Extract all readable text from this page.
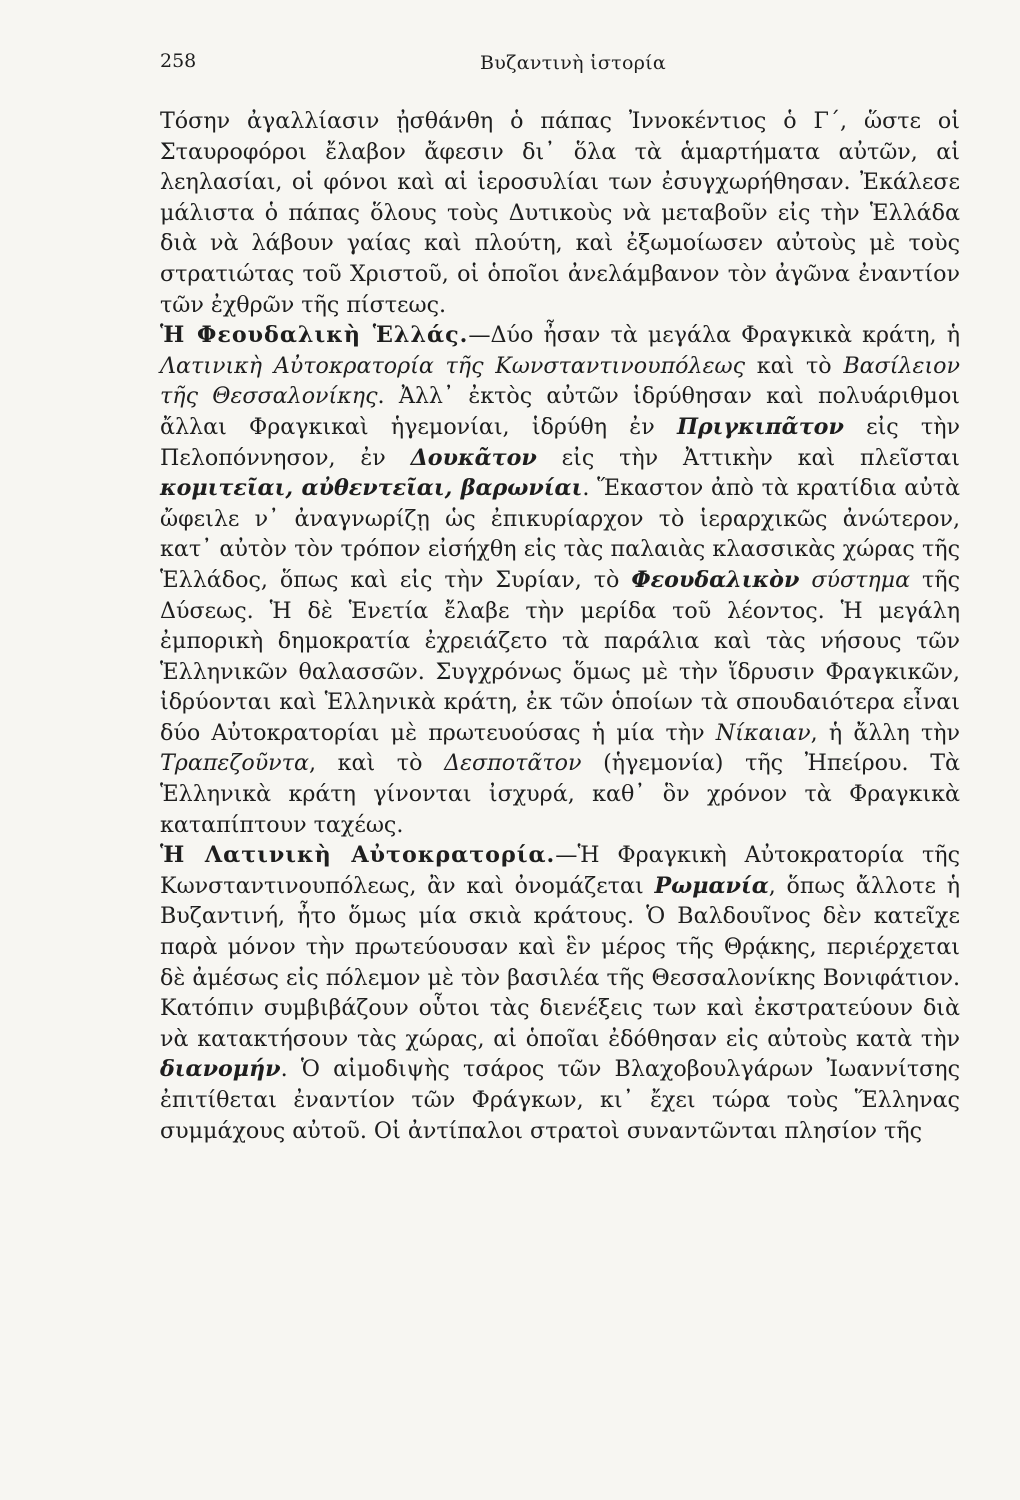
258	Βυζαντινὴ ἱστορία

Τόσην ἀγαλλίασιν ᾐσθάνθη ὁ πάπας Ἰννοκέντιος ὁ Γ΄, ὥστε οἱ Σταυροφόροι ἔλαβον ἄφεσιν δι᾽ ὅλα τὰ ἁμαρτήματα αὐτῶν, αἱ λεηλασίαι, οἱ φόνοι καὶ αἱ ἱεροσυλίαι των ἐσυγχωρήθησαν. Ἐκάλεσε μάλιστα ὁ πάπας ὅλους τοὺς Δυτικοὺς νὰ μεταβοῦν εἰς τὴν Ἑλλάδα διὰ νὰ λάβουν γαίας καὶ πλούτη, καὶ ἐξωμοίωσεν αὐτοὺς μὲ τοὺς στρατιώτας τοῦ Χριστοῦ, οἱ ὁποῖοι ἀνελάμβανον τὸν ἀγῶνα ἐναντίον τῶν ἐχθρῶν τῆς πίστεως.

Ἡ Φεουδαλικὴ Ἑλλάς.—Δύο ἦσαν τὰ μεγάλα Φραγκικὰ κράτη, ἡ Λατινικὴ Αὐτοκρατορία τῆς Κωνσταντινουπόλεως καὶ τὸ Βασίλειον τῆς Θεσσαλονίκης. Ἀλλ᾽ ἐκτὸς αὐτῶν ἱδρύθησαν καὶ πολυάριθμοι ἄλλαι Φραγκικαὶ ἡγεμονίαι, ἱδρύθη ἐν Πριγκιπᾶτον εἰς τὴν Πελοπόννησον, ἐν Δουκᾶτον εἰς τὴν Ἀττικὴν καὶ πλεῖσται κομιτεῖαι, αὐθεντεῖαι, βαρωνίαι. Ἕκαστον ἀπὸ τὰ κρατίδια αὐτὰ ὤφειλε ν᾽ ἀναγνωρίζῃ ὡς ἐπικυρίαρχον τὸ ἱεραρχικῶς ἀνώτερον, κατ᾽ αὐτὸν τὸν τρόπον εἰσήχθη εἰς τὰς παλαιὰς κλασσικὰς χώρας τῆς Ἑλλάδος, ὅπως καὶ εἰς τὴν Συρίαν, τὸ Φεουδαλικὸν σύστημα τῆς Δύσεως. Ἡ δὲ Ἑνετία ἔλαβε τὴν μερίδα τοῦ λέοντος. Ἡ μεγάλη ἐμπορικὴ δημοκρατία ἐχρειάζετο τὰ παράλια καὶ τὰς νήσους τῶν Ἑλληνικῶν θαλασσῶν. Συγχρόνως ὅμως μὲ τὴν ἵδρυσιν Φραγκικῶν, ἱδρύονται καὶ Ἑλληνικὰ κράτη, ἐκ τῶν ὁποίων τὰ σπουδαιότερα εἶναι δύο Αὐτοκρατορίαι μὲ πρωτευούσας ἡ μία τὴν Νίκαιαν, ἡ ἄλλη τὴν Τραπεζοῦντα, καὶ τὸ Δεσποτᾶτον (ἡγεμονία) τῆς Ἠπείρου. Τὰ Ἑλληνικὰ κράτη γίνονται ἰσχυρά, καθ᾽ ὃν χρόνον τὰ Φραγκικὰ καταπίπτουν ταχέως.

Ἡ Λατινικὴ Αὐτοκρατορία.—Ἡ Φραγκικὴ Αὐτοκρατορία τῆς Κωνσταντινουπόλεως, ἂν καὶ ὀνομάζεται Ρωμανία, ὅπως ἄλλοτε ἡ Βυζαντινή, ἦτο ὅμως μία σκιὰ κράτους. Ὁ Βαλδουῖνος δὲν κατεῖχε παρὰ μόνον τὴν πρωτεύουσαν καὶ ἓν μέρος τῆς Θρᾴκης, περιέρχεται δὲ ἀμέσως εἰς πόλεμον μὲ τὸν βασιλέα τῆς Θεσσαλονίκης Βονιφάτιον. Κατόπιν συμβιβάζουν οὗτοι τὰς διενέξεις των καὶ ἐκστρατεύουν διὰ νὰ κατακτήσουν τὰς χώρας, αἱ ὁποῖαι ἐδόθησαν εἰς αὐτοὺς κατὰ τὴν διανομήν. Ὁ αἱμοδιψὴς τσάρος τῶν Βλαχοβουλγάρων Ἰωαννίτσης ἐπιτίθεται ἐναντίον τῶν Φράγκων, κι᾽ ἔχει τώρα τοὺς Ἕλληνας συμμάχους αὐτοῦ. Οἱ ἀντίπαλοι στρατοὶ συναντῶνται πλησίον τῆς
